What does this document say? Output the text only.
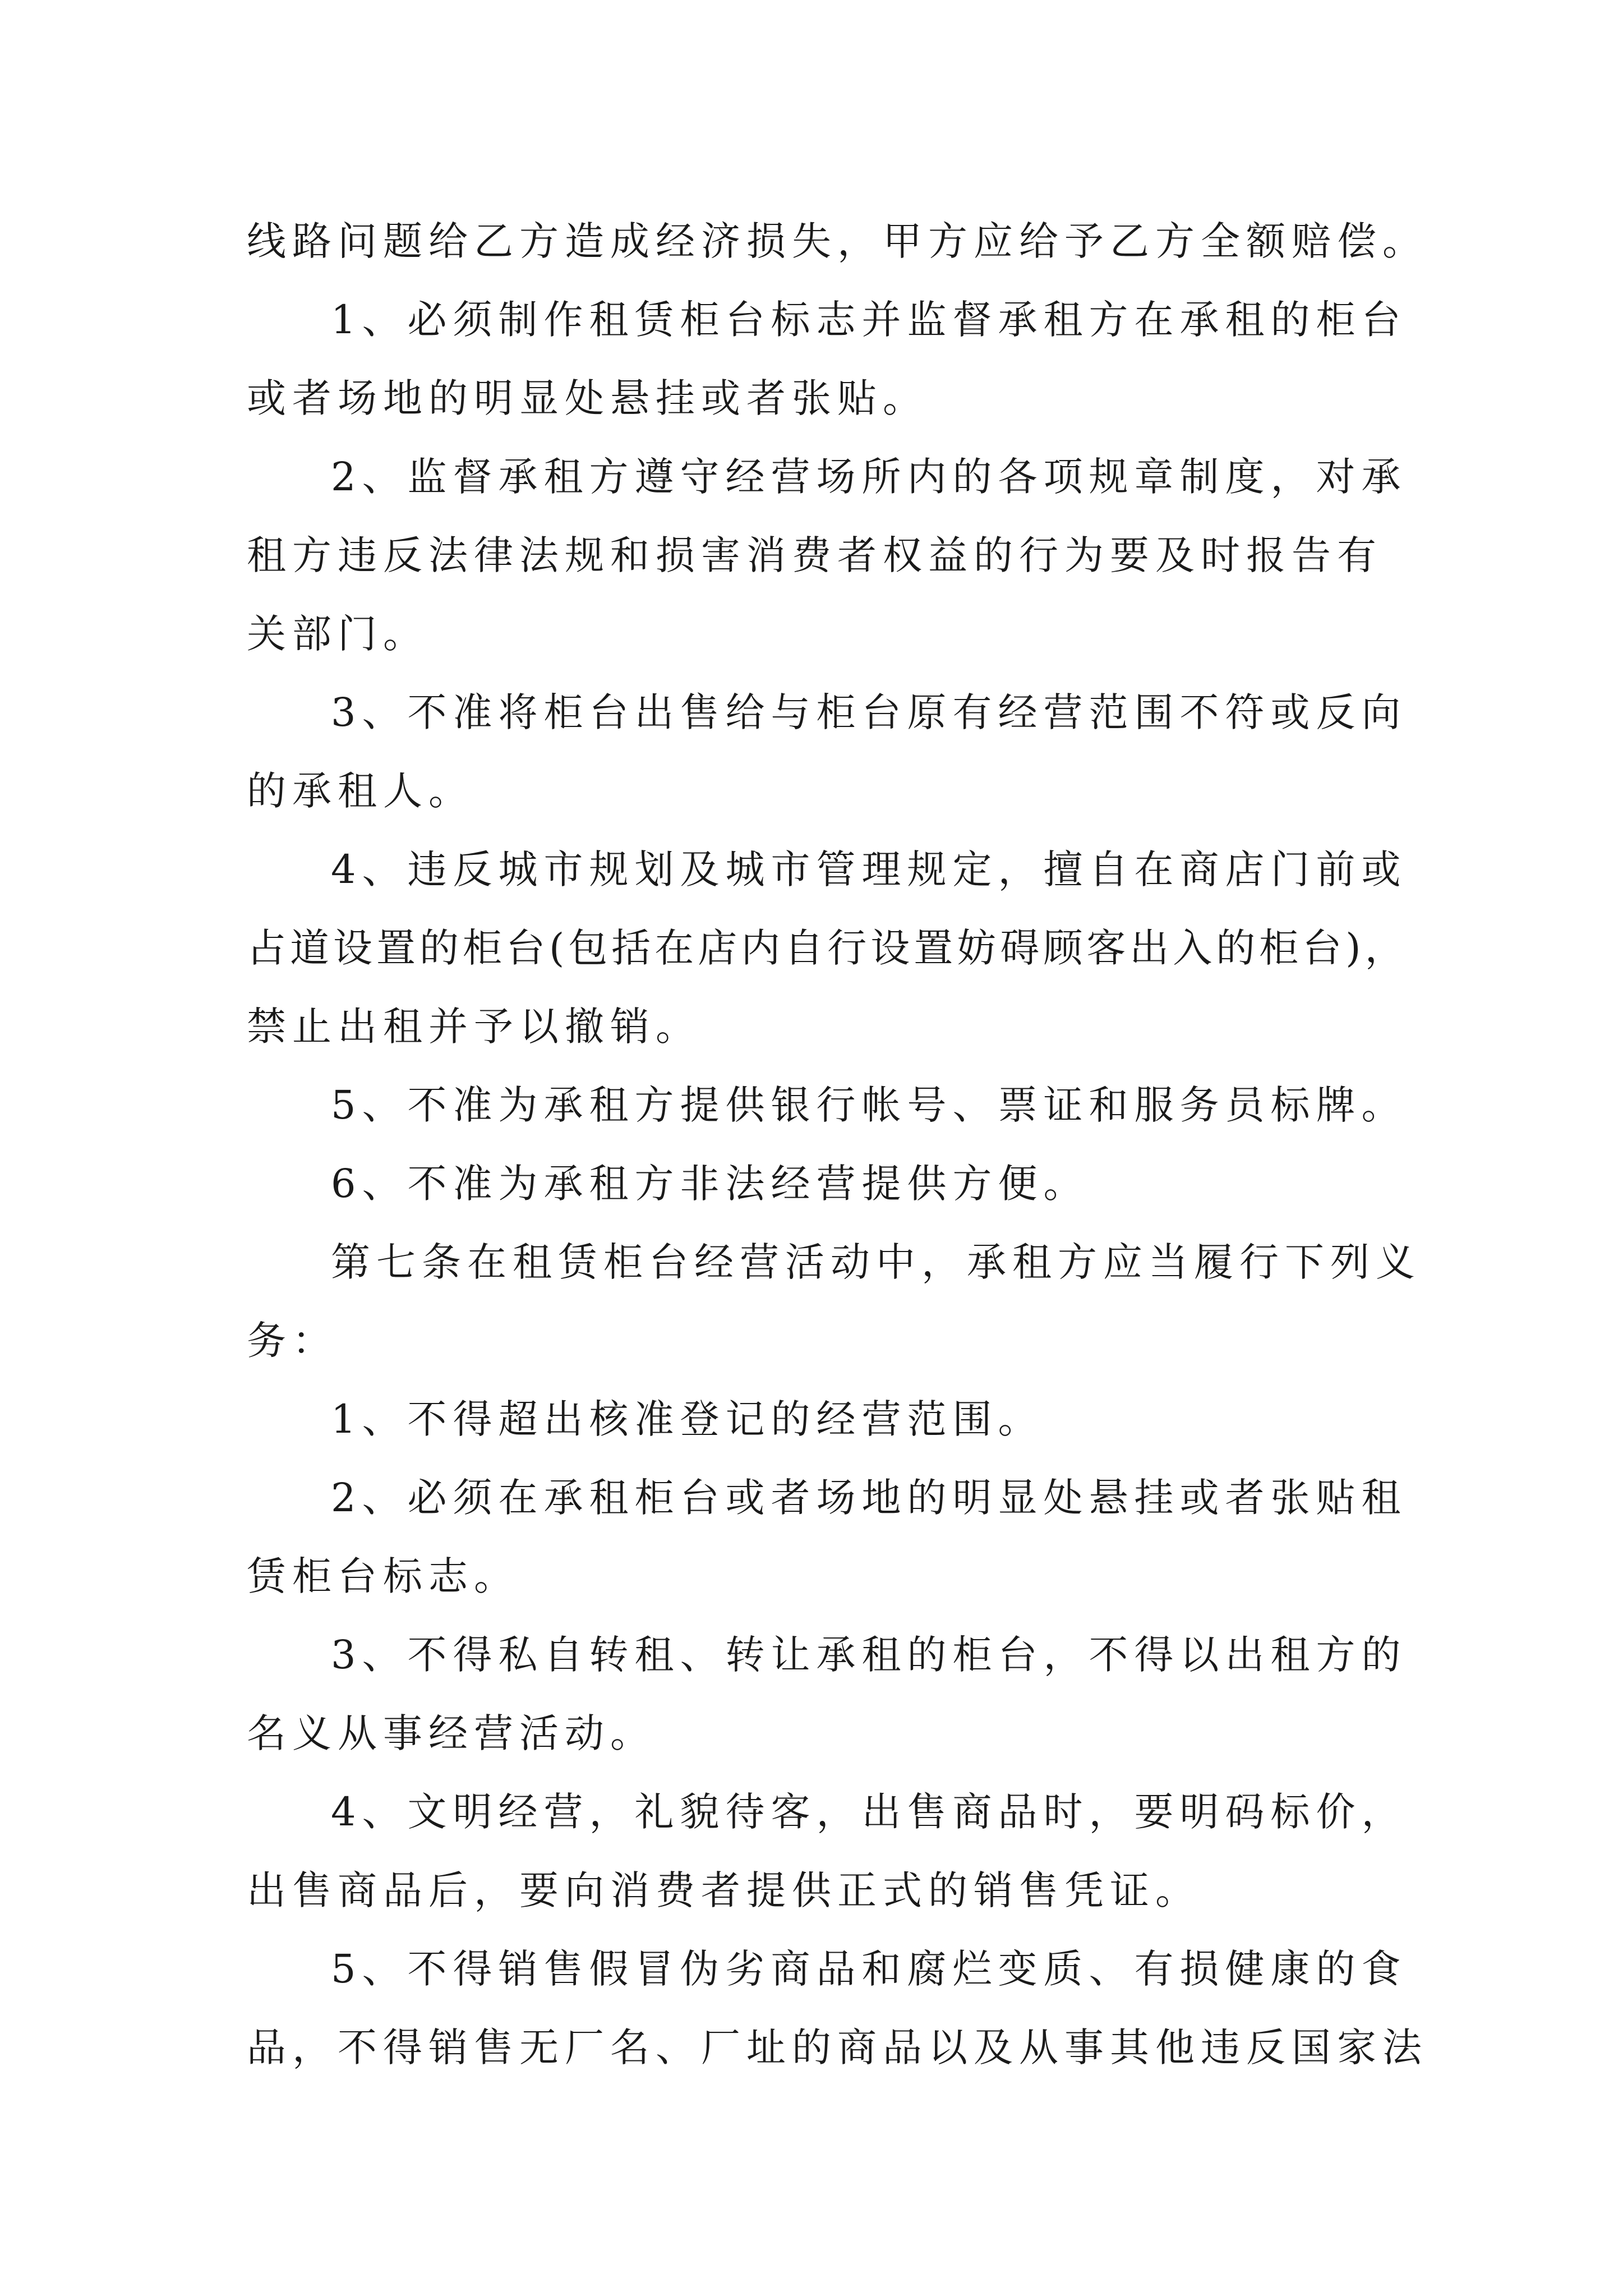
线路问题给乙方造成经济损失，甲方应给予乙方全额赔偿。
1、必须制作租赁柜台标志并监督承租方在承租的柜台
或者场地的明显处悬挂或者张贴。
2、监督承租方遵守经营场所内的各项规章制度，对承
租方违反法律法规和损害消费者权益的行为要及时报告有
关部门。
3、不准将柜台出售给与柜台原有经营范围不符或反向
的承租人。
4、违反城市规划及城市管理规定，擅自在商店门前或
占道设置的柜台(包括在店内自行设置妨碍顾客出入的柜台)，
禁止出租并予以撤销。
5、不准为承租方提供银行帐号、票证和服务员标牌。
6、不准为承租方非法经营提供方便。
第七条在租赁柜台经营活动中，承租方应当履行下列义
务：
1、不得超出核准登记的经营范围。
2、必须在承租柜台或者场地的明显处悬挂或者张贴租
赁柜台标志。
3、不得私自转租、转让承租的柜台，不得以出租方的
名义从事经营活动。
4、文明经营，礼貌待客，出售商品时，要明码标价，
出售商品后，要向消费者提供正式的销售凭证。
5、不得销售假冒伪劣商品和腐烂变质、有损健康的食
品，不得销售无厂名、厂址的商品以及从事其他违反国家法
